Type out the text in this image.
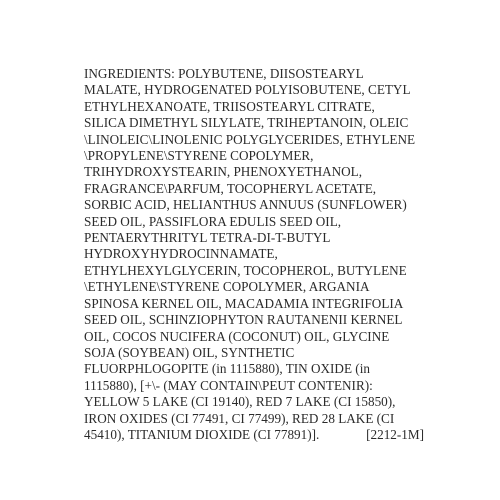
INGREDIENTS: POLYBUTENE, DIISOSTEARYL
MALATE, HYDROGENATED POLYISOBUTENE, CETYL
ETHYLHEXANOATE, TRIISOSTEARYL CITRATE,
SILICA DIMETHYL SILYLATE, TRIHEPTANOIN, OLEIC
\LINOLEIC\LINOLENIC POLYGLYCERIDES, ETHYLENE
\PROPYLENE\STYRENE COPOLYMER,
TRIHYDROXYSTEARIN, PHENOXYETHANOL,
FRAGRANCE\PARFUM, TOCOPHERYL ACETATE,
SORBIC ACID, HELIANTHUS ANNUUS (SUNFLOWER)
SEED OIL, PASSIFLORA EDULIS SEED OIL,
PENTAERYTHRITYL TETRA-DI-T-BUTYL
HYDROXYHYDROCINNAMATE,
ETHYLHEXYLGLYCERIN, TOCOPHEROL, BUTYLENE
\ETHYLENE\STYRENE COPOLYMER, ARGANIA
SPINOSA KERNEL OIL, MACADAMIA INTEGRIFOLIA
SEED OIL, SCHINZIOPHYTON RAUTANENII KERNEL
OIL, COCOS NUCIFERA (COCONUT) OIL, GLYCINE
SOJA (SOYBEAN) OIL, SYNTHETIC
FLUORPHLOGOPITE (in 1115880), TIN OXIDE (in
1115880), [+\- (MAY CONTAIN\PEUT CONTENIR):
YELLOW 5 LAKE (CI 19140), RED 7 LAKE (CI 15850),
IRON OXIDES (CI 77491, CI 77499), RED 28 LAKE (CI
45410), TITANIUM DIOXIDE (CI 77891)].	[2212-1M]
